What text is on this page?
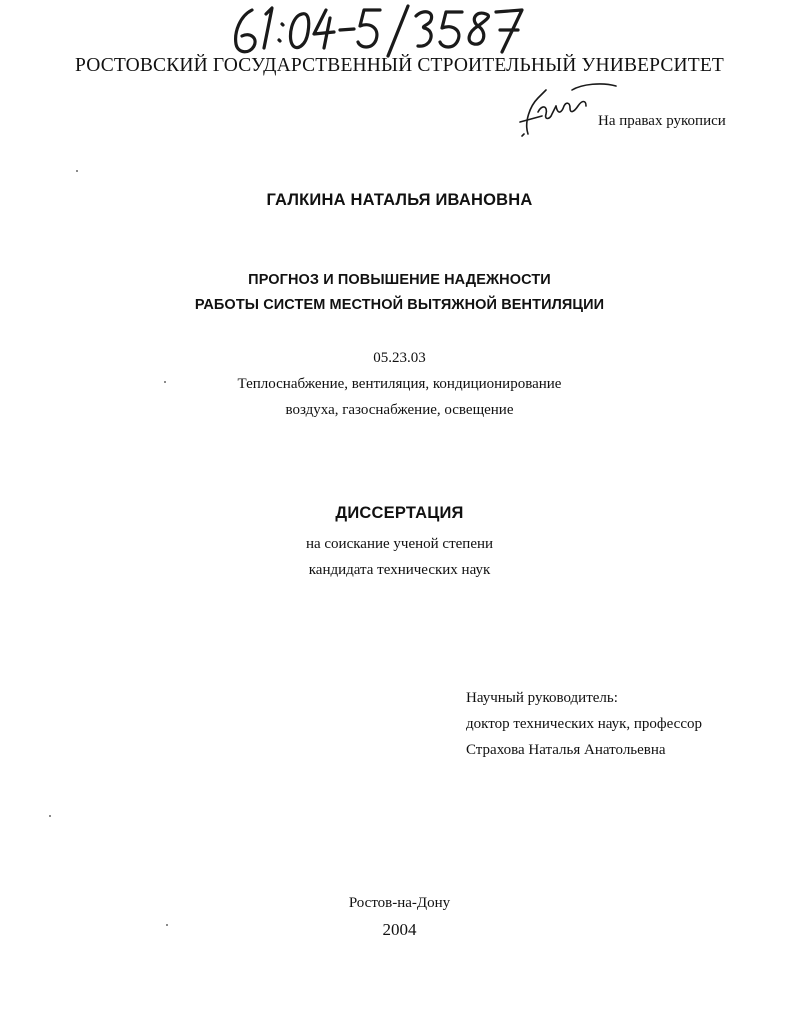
РОСТОВСКИЙ ГОСУДАРСТВЕННЫЙ СТРОИТЕЛЬНЫЙ УНИВЕРСИТЕТ
На правах рукописи
ГАЛКИНА НАТАЛЬЯ ИВАНОВНА
ПРОГНОЗ И ПОВЫШЕНИЕ НАДЕЖНОСТИ
РАБОТЫ СИСТЕМ МЕСТНОЙ ВЫТЯЖНОЙ ВЕНТИЛЯЦИИ
05.23.03
Теплоснабжение, вентиляция, кондиционирование
воздуха, газоснабжение, освещение
ДИССЕРТАЦИЯ
на соискание ученой степени
кандидата технических наук
Научный руководитель:
доктор технических наук, профессор
Страхова Наталья Анатольевна
Ростов-на-Дону
2004
